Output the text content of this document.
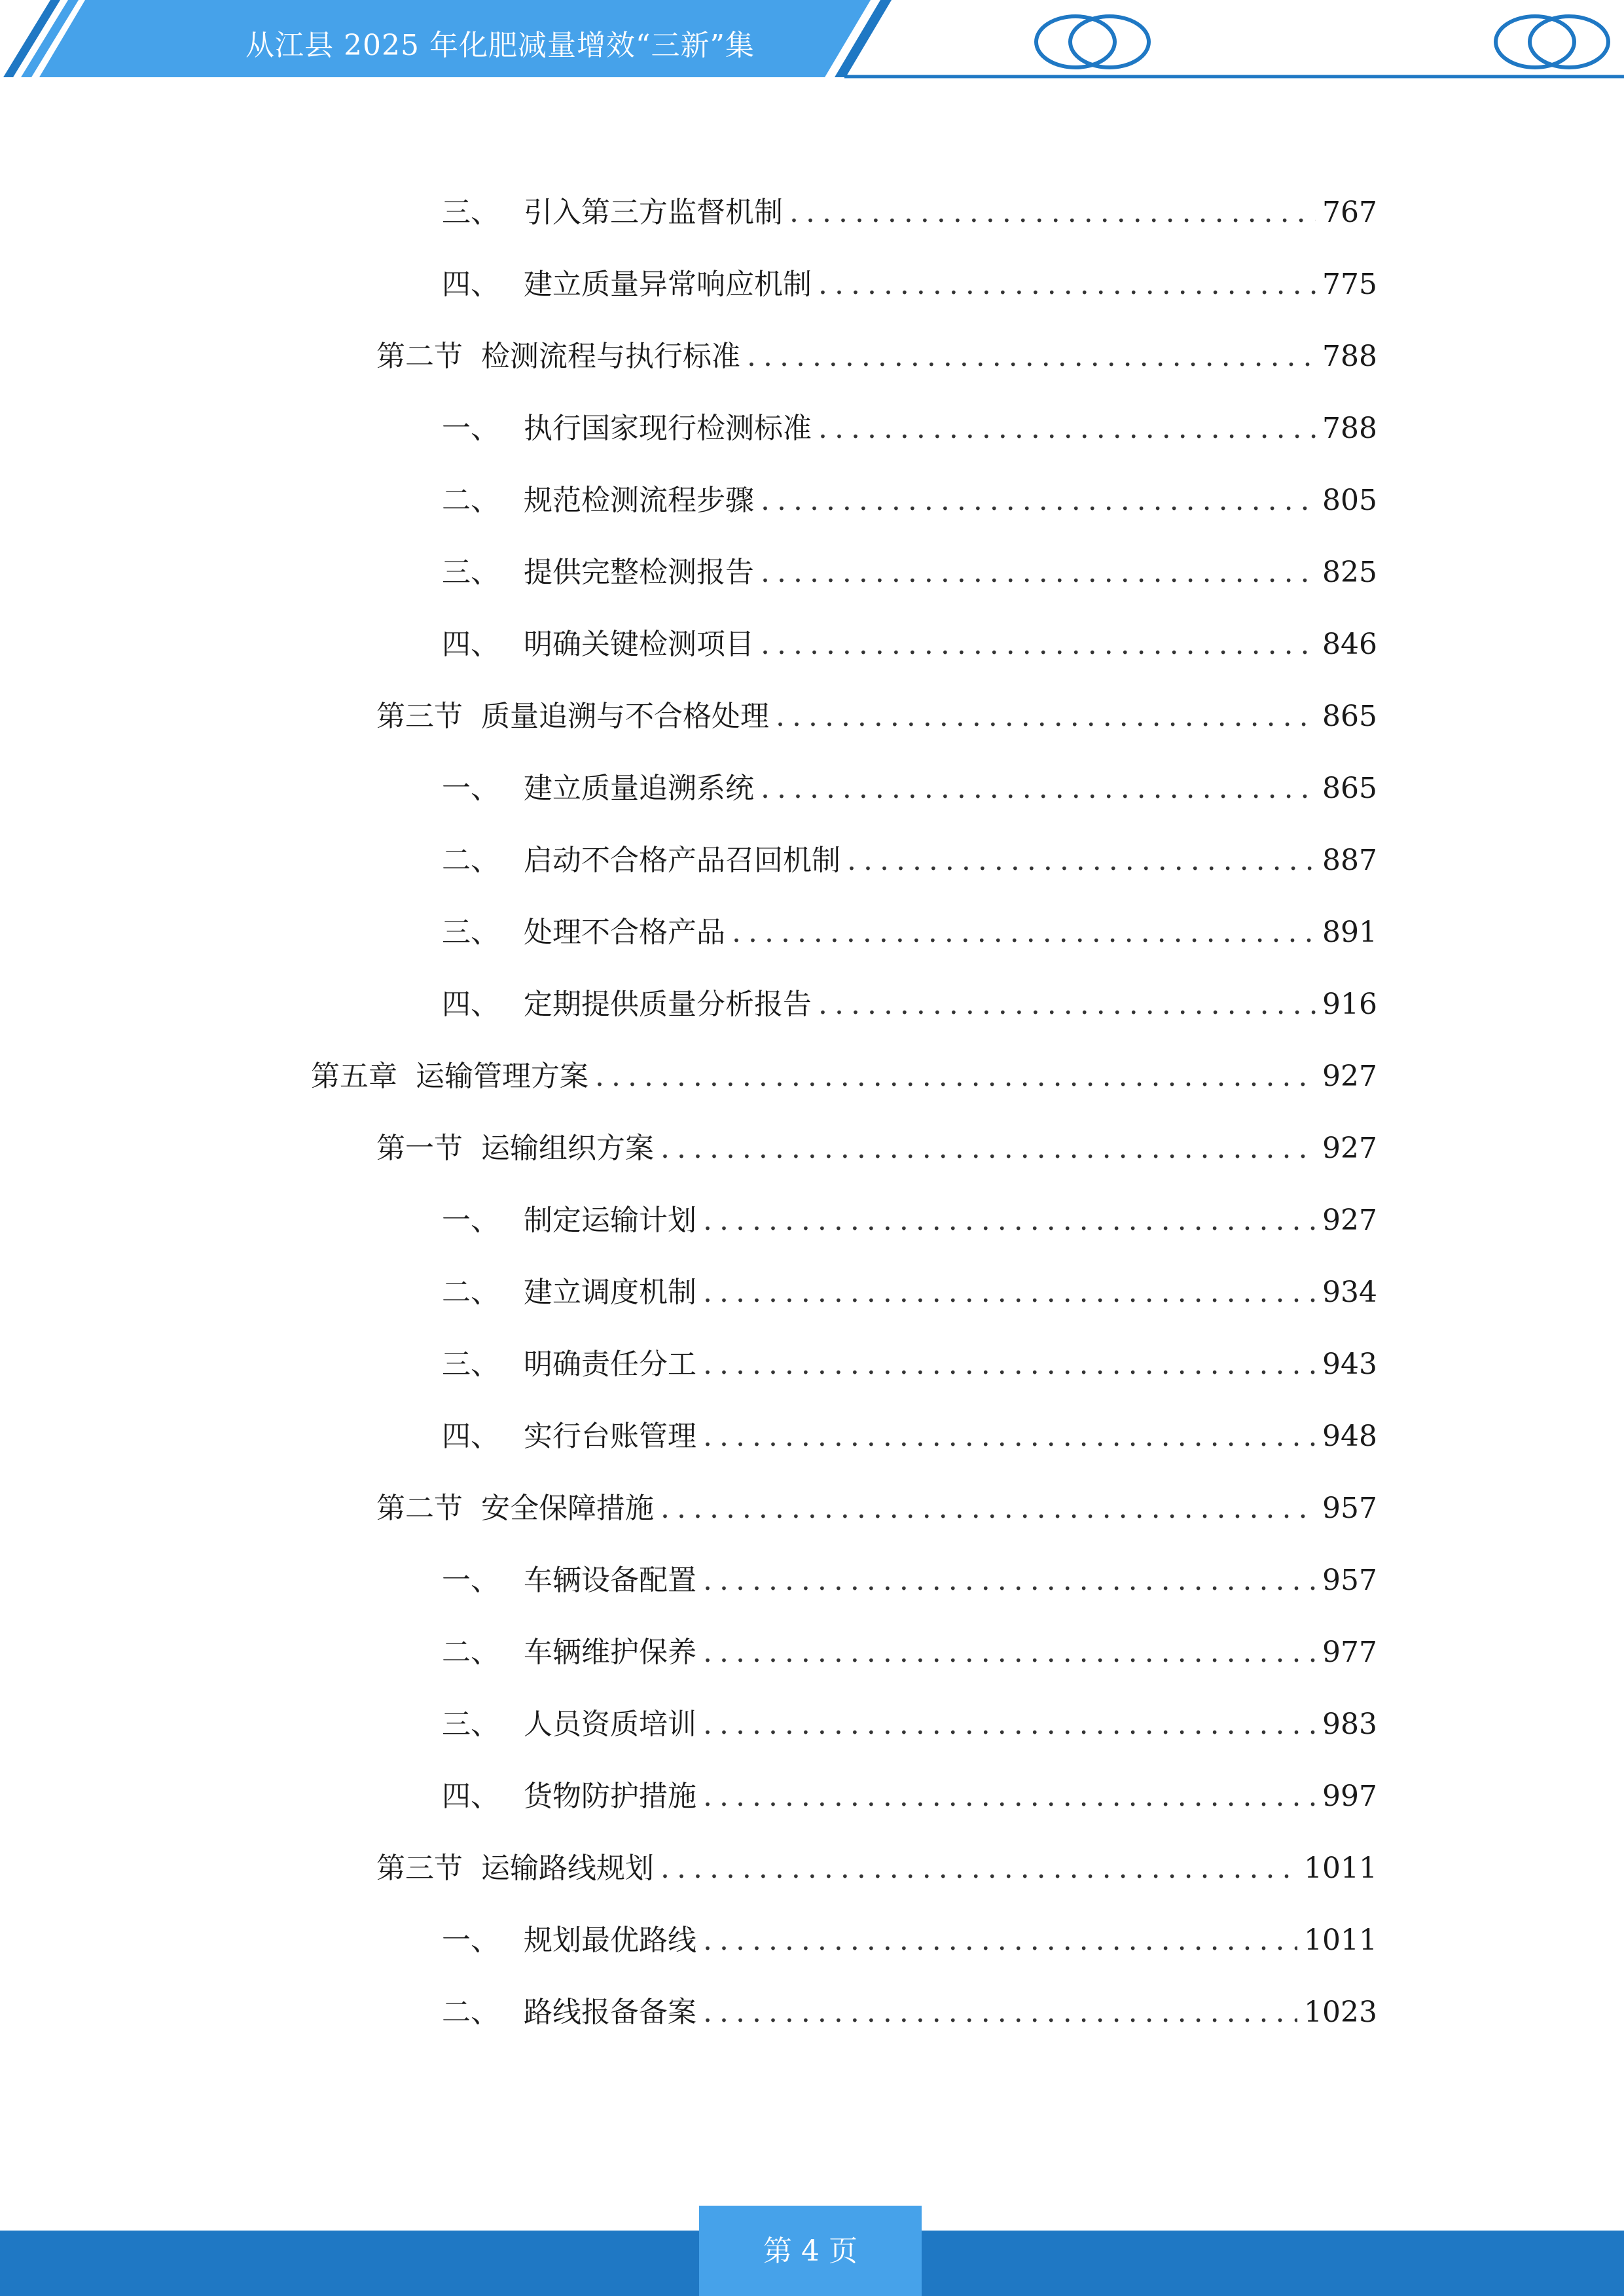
从江县 2025 年化肥减量增效“三新”集
三、 引入第三方监督机制 .....	767
四、 建立质量异常响应机制 .....	775
第二节 检测流程与执行标准 .....	788
一、 执行国家现行检测标准 .....	788
二、 规范检测流程步骤 .....	805
三、 提供完整检测报告 .....	825
四、 明确关键检测项目 .....	846
第三节 质量追溯与不合格处理 .....	865
一、 建立质量追溯系统 .....	865
二、 启动不合格产品召回机制 .....	887
三、 处理不合格产品 .....	891
四、 定期提供质量分析报告 .....	916
第五章 运输管理方案 .....	927
第一节 运输组织方案 .....	927
一、 制定运输计划 .....	927
二、 建立调度机制 .....	934
三、 明确责任分工 .....	943
四、 实行台账管理 .....	948
第二节 安全保障措施 .....	957
一、 车辆设备配置 .....	957
二、 车辆维护保养 .....	977
三、 人员资质培训 .....	983
四、 货物防护措施 .....	997
第三节 运输路线规划 .....	1011
一、 规划最优路线 .....	1011
二、 路线报备备案 .....	1023
第 4 页
